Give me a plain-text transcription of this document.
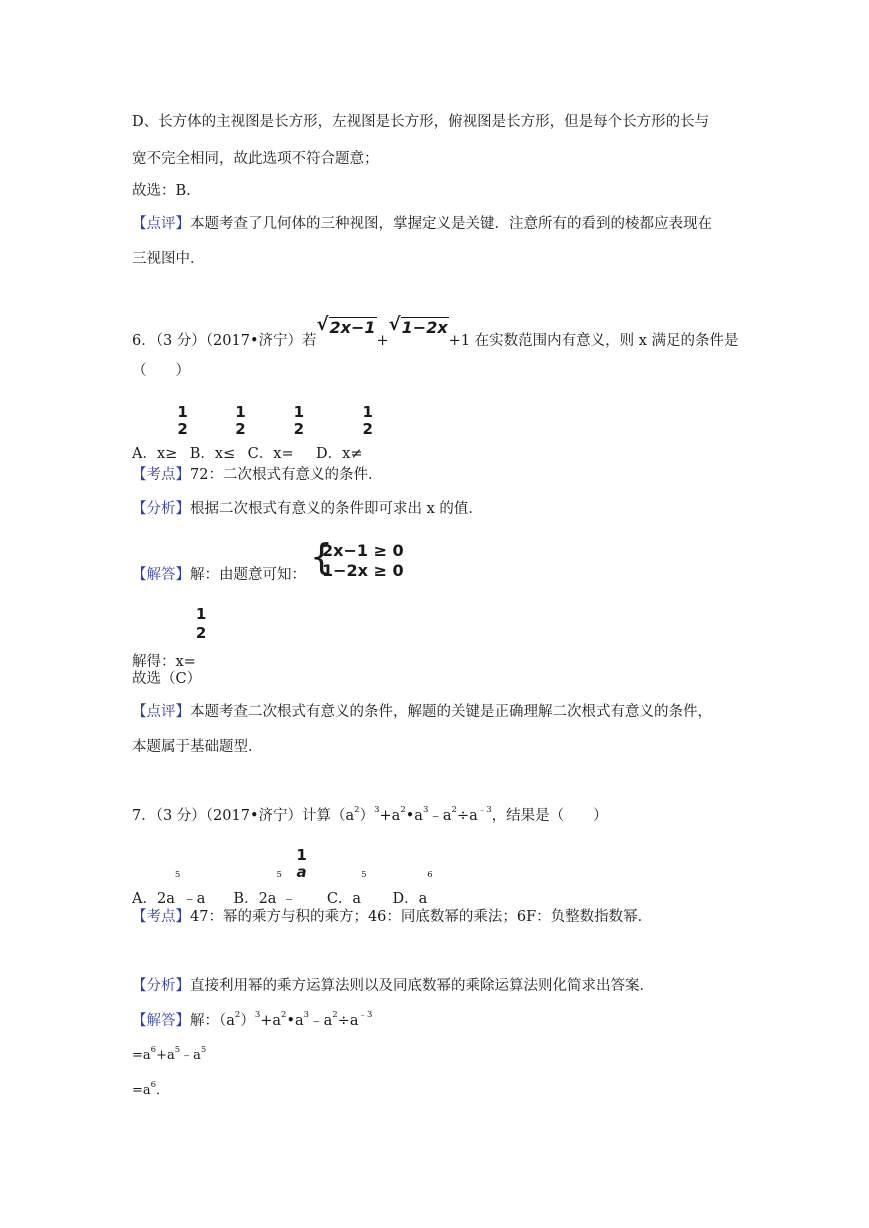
D、长方体的主视图是长方形，左视图是长方形，俯视图是长方形，但是每个长方形的长与
宽不完全相同，故此选项不符合题意；
故选：B.
【点评】本题考查了几何体的三种视图，掌握定义是关键．注意所有的看到的棱都应表现在
三视图中．
6．（3 分）（2017•济宁）若
√ 2x−1+
√ 1−2x+1 在实数范围内有意义，则 x 满足的条件是
（　　）
A．x≥
1
2
B．x≤
1
2
C．x=
1
2
D．x≠
1
2
【考点】72：二次根式有意义的条件．
【分析】根据二次根式有意义的条件即可求出 x 的值．
【解答】解：由题意可知： {
2x−1 ≥ 0
1−2x ≥ 0
解得：x=
1
2
故选（C）
【点评】本题考查二次根式有意义的条件，解题的关键是正确理解二次根式有意义的条件，
本题属于基础题型．
7．（3 分）（2017•济宁）计算$(a^2)^3+a^2•a^3﹣a^2\div a^{﹣3}$，结果是（　　）
A．$2a^5﹣a$ B．$2a^5﹣$
1
a
C．$a^5D$．$a^6$
【考点】47：幂的乘方与积的乘方；46：同底数幂的乘法；6F：负整数指数幂．
【分析】直接利用幂的乘方运算法则以及同底数幂的乘除运算法则化简求出答案．
【解答】解：$(a^2)^3+a^2•a^3﹣a^2\div a^{﹣3}$
$=a^6+a^5﹣a^5$
$=a^6$．
